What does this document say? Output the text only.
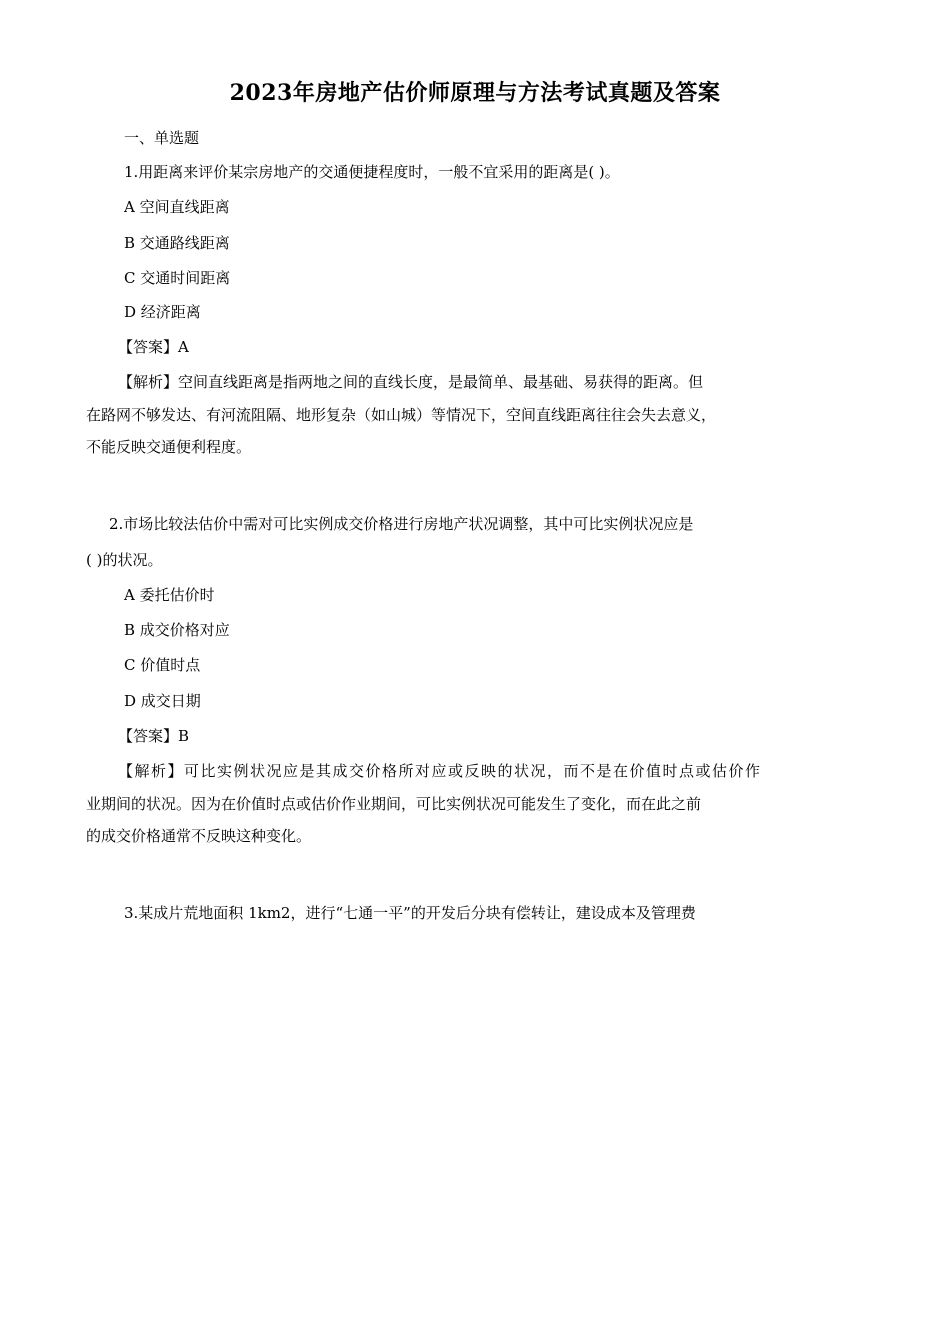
2023年房地产估价师原理与方法考试真题及答案
一、单选题
1.用距离来评价某宗房地产的交通便捷程度时，一般不宜采用的距离是( )。
A 空间直线距离
B 交通路线距离
C 交通时间距离
D 经济距离
【答案】A
【解析】空间直线距离是指两地之间的直线长度，是最简单、最基础、易获得的距离。但
在路网不够发达、有河流阻隔、地形复杂（如山城）等情况下，空间直线距离往往会失去意义，
不能反映交通便利程度。
2.市场比较法估价中需对可比实例成交价格进行房地产状况调整，其中可比实例状况应是
( )的状况。
A 委托估价时
B 成交价格对应
C 价值时点
D 成交日期
【答案】B
【解析】可比实例状况应是其成交价格所对应或反映的状况，而不是在价值时点或估价作
业期间的状况。因为在价值时点或估价作业期间，可比实例状况可能发生了变化，而在此之前
的成交价格通常不反映这种变化。
3.某成片荒地面积 1km2，进行“七通一平”的开发后分块有偿转让，建设成本及管理费
